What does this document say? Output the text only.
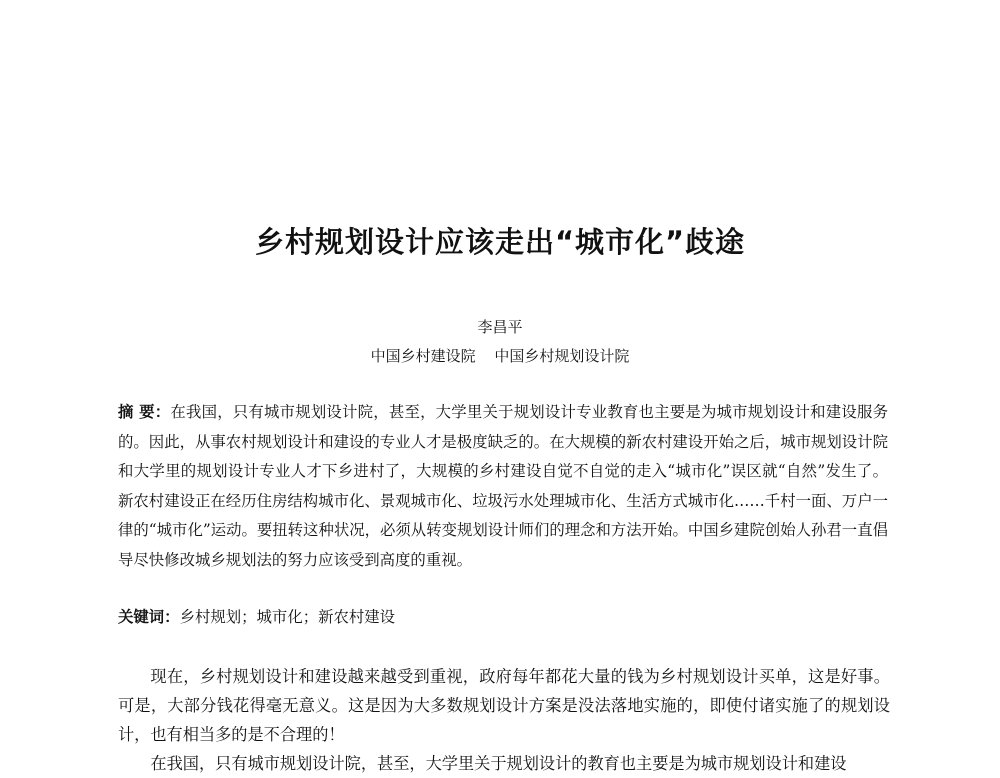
乡村规划设计应该走出“城市化”歧途
李昌平
中国乡村建设院 中国乡村规划设计院
摘 要：在我国，只有城市规划设计院，甚至，大学里关于规划设计专业教育也主要是为城市规划设计和建设服务的。因此，从事农村规划设计和建设的专业人才是极度缺乏的。在大规模的新农村建设开始之后，城市规划设计院和大学里的规划设计专业人才下乡进村了，大规模的乡村建设自觉不自觉的走入“城市化”误区就“自然”发生了。新农村建设正在经历住房结构城市化、景观城市化、垃圾污水处理城市化、生活方式城市化……千村一面、万户一律的“城市化”运动。要扭转这种状况，必须从转变规划设计师们的理念和方法开始。中国乡建院创始人孙君一直倡导尽快修改城乡规划法的努力应该受到高度的重视。
关键词：乡村规划；城市化；新农村建设

现在，乡村规划设计和建设越来越受到重视，政府每年都花大量的钱为乡村规划设计买单，这是好事。可是，大部分钱花得毫无意义。这是因为大多数规划设计方案是没法落地实施的，即使付诸实施了的规划设计，也有相当多的是不合理的！

在我国，只有城市规划设计院，甚至，大学里关于规划设计的教育也主要是为城市规划设计和建设
